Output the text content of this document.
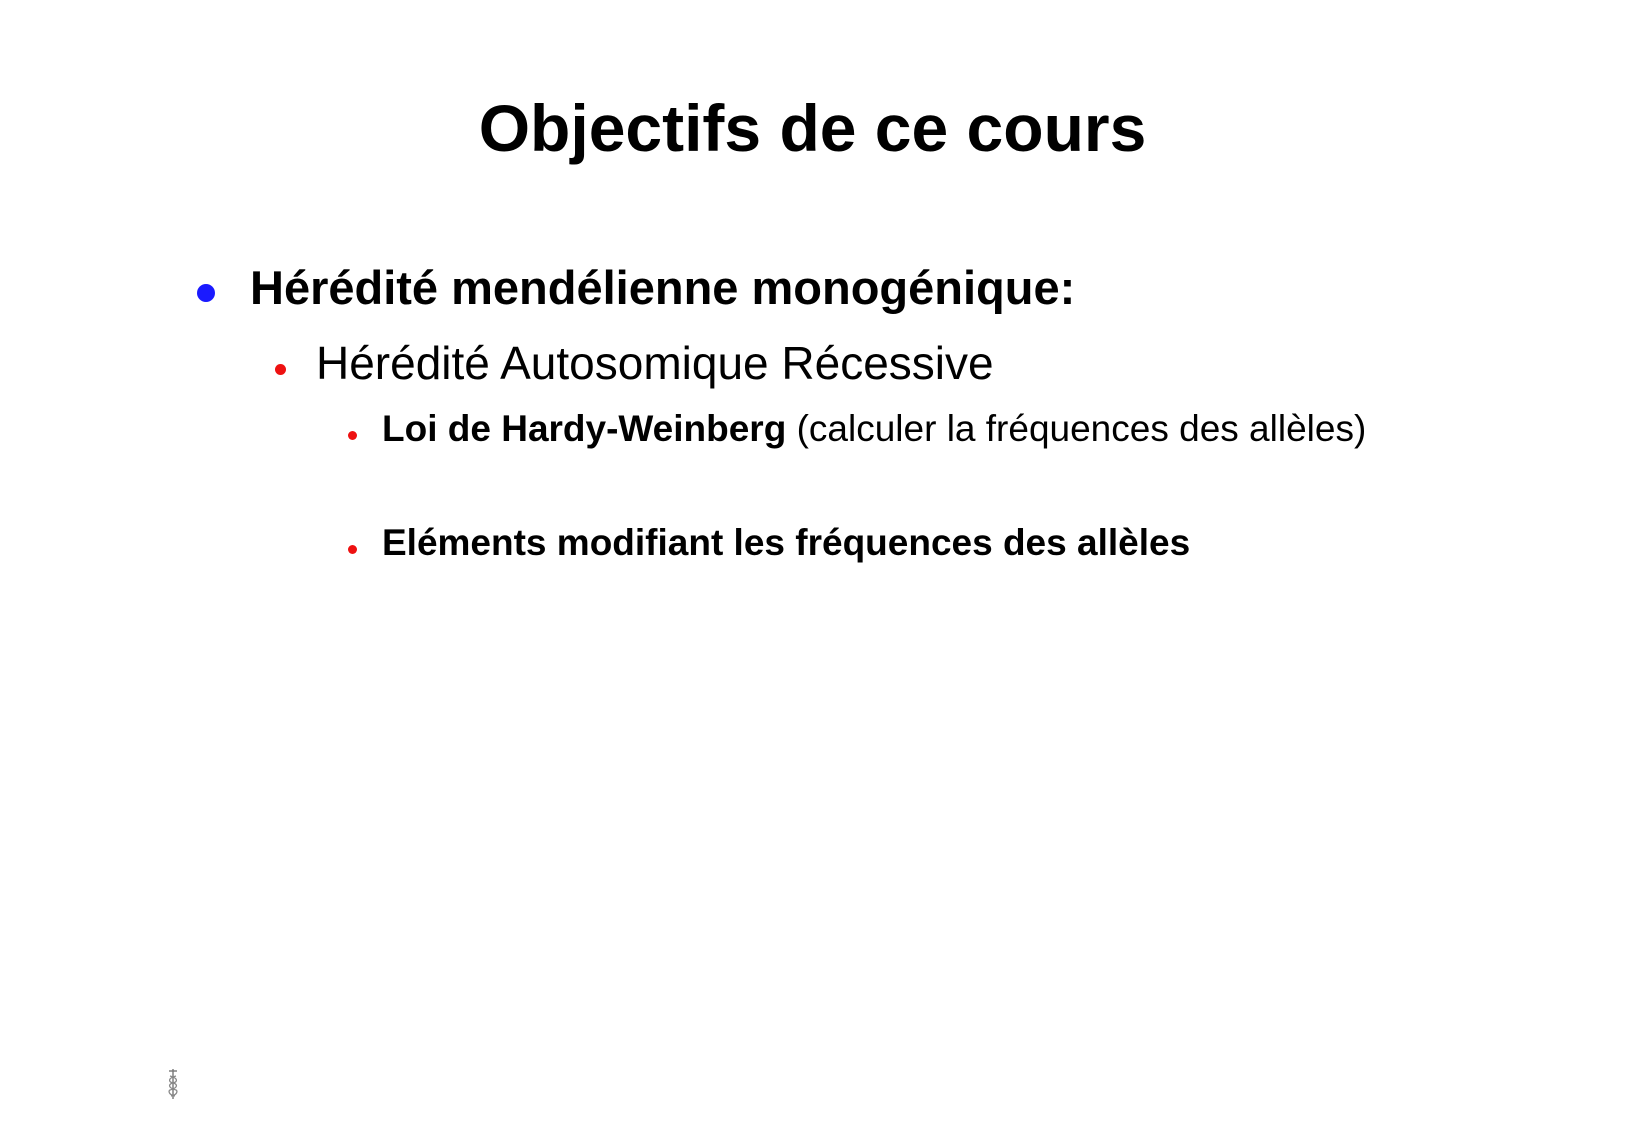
Objectifs de ce cours
Hérédité mendélienne monogénique:
Hérédité Autosomique Récessive
Loi de Hardy-Weinberg (calculer la fréquences des allèles)
Eléments modifiant les fréquences des allèles
